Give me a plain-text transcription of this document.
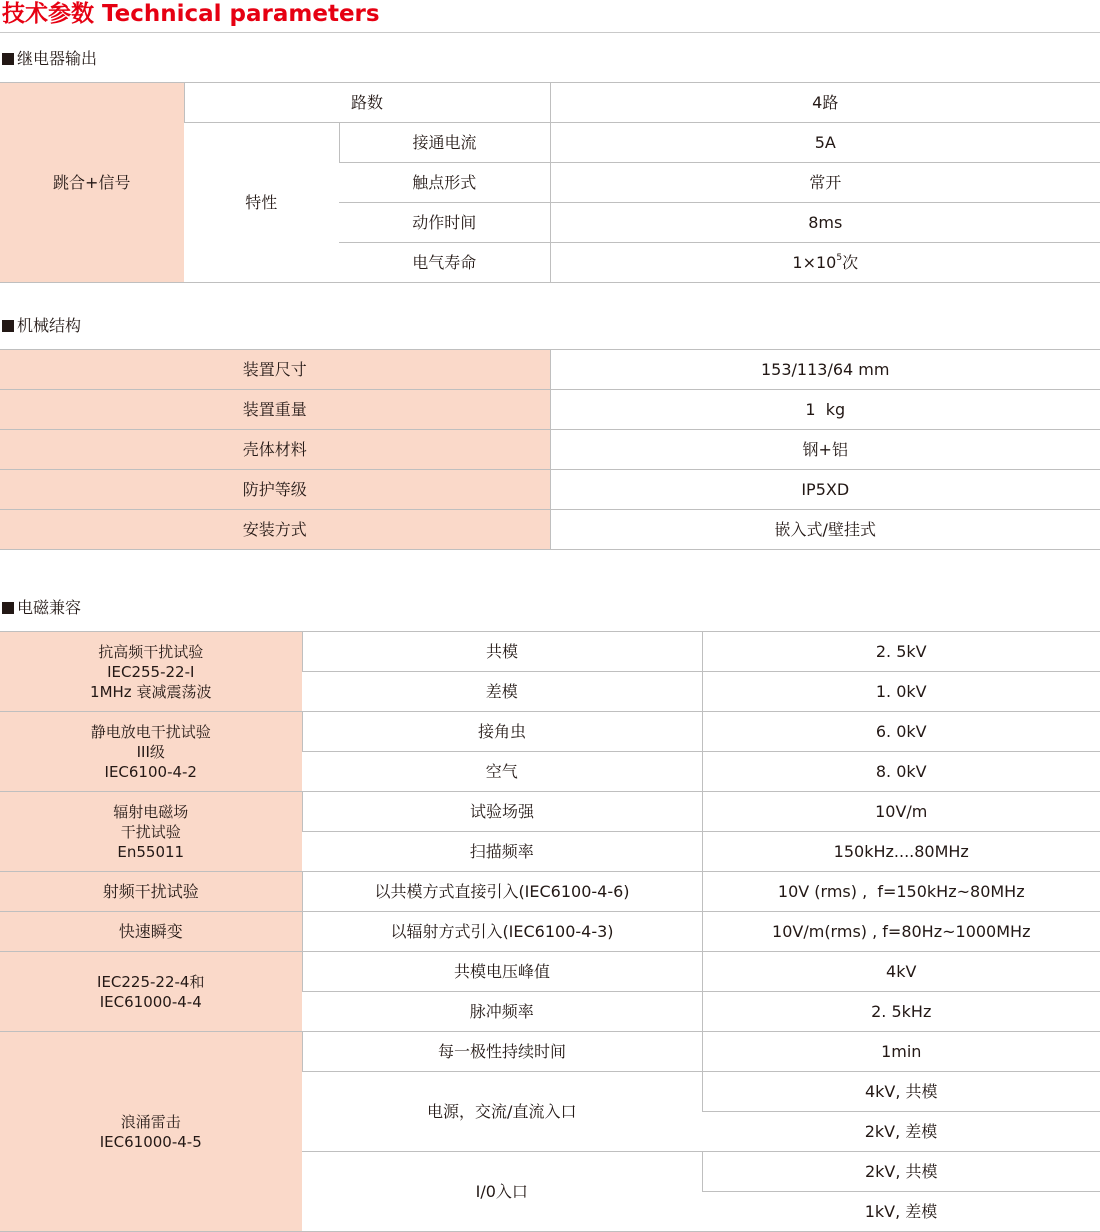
技术参数 Technical parameters
继电器输出
跳合+信号	路数		4路
	特性	接通电流	5A
		触点形式	常开
		动作时间	8ms
		电气寿命	$1\times 10^5$次
机械结构
装置尺寸	153/113/64 mm
装置重量	1  kg
壳体材料	钢+铝
防护等级	IP5XD
安装方式	嵌入式/壁挂式
电磁兼容
抗高频干扰试验
IEC255-22-I
1MHz 衰减震荡波	共模	2. 5kV
	差模	1. 0kV

静电放电干扰试验
III级
IEC6100-4-2	接角虫	6. 0kV
	空气	8. 0kV

辐射电磁场
干扰试验
En55011	试验场强	10V/m
	扫描频率	150kHz....80MHz
射频干扰试验	以共模方式直接引入(IEC6100-4-6)	10V (rms) ,  f=150kHz~80MHz
快速瞬变	以辐射方式引入(IEC6100-4-3)	10V/m(rms) , f=80Hz~1000MHz

IEC225-22-4和
IEC61000-4-4	共模电压峰值	4kV
	脉冲频率	2. 5kHz

浪涌雷击
IEC61000-4-5	每一极性持续时间	1min
	电源，交流/直流入口	4kV, 共模
		2kV, 差模
	I/0入口	2kV, 共模
		1kV, 差模
